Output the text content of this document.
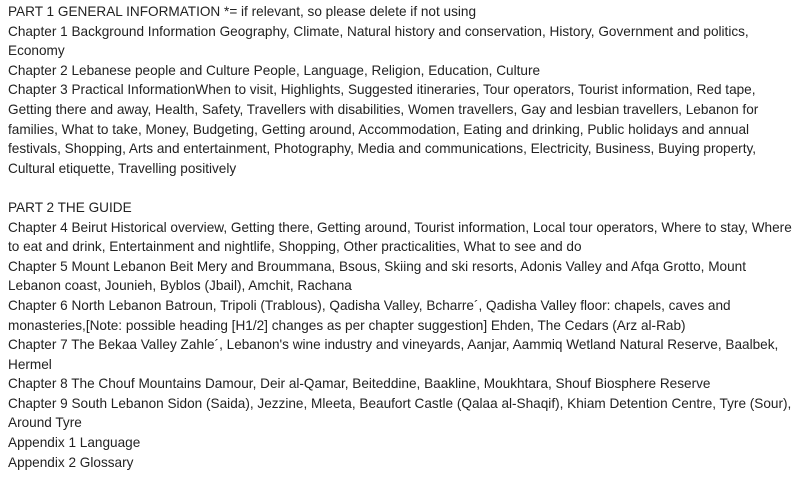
PART 1 GENERAL INFORMATION *= if relevant, so please delete if not using

Chapter 1 Background Information Geography, Climate, Natural history and conservation, History, Government and politics, Economy

Chapter 2 Lebanese people and Culture People, Language, Religion, Education, Culture

Chapter 3 Practical InformationWhen to visit, Highlights, Suggested itineraries, Tour operators, Tourist information, Red tape, Getting there and away, Health, Safety, Travellers with disabilities, Women travellers, Gay and lesbian travellers, Lebanon for families, What to take, Money, Budgeting, Getting around, Accommodation, Eating and drinking, Public holidays and annual festivals, Shopping, Arts and entertainment, Photography, Media and communications, Electricity, Business, Buying property, Cultural etiquette, Travelling positively

PART 2 THE GUIDE

Chapter 4 Beirut Historical overview, Getting there, Getting around, Tourist information, Local tour operators, Where to stay, Where to eat and drink, Entertainment and nightlife, Shopping, Other practicalities, What to see and do

Chapter 5 Mount Lebanon Beit Mery and Broummana, Bsous, Skiing and ski resorts, Adonis Valley and Afqa Grotto, Mount Lebanon coast, Jounieh, Byblos (Jbail), Amchit, Rachana

Chapter 6 North Lebanon Batroun, Tripoli (Trablous), Qadisha Valley, Bcharre´, Qadisha Valley floor: chapels, caves and monasteries,[Note: possible heading [H1/2] changes as per chapter suggestion] Ehden, The Cedars (Arz al-Rab)

Chapter 7 The Bekaa Valley Zahle´, Lebanon's wine industry and vineyards, Aanjar, Aammiq Wetland Natural Reserve, Baalbek, Hermel

Chapter 8 The Chouf Mountains Damour, Deir al-Qamar, Beiteddine, Baakline, Moukhtara, Shouf Biosphere Reserve

Chapter 9 South Lebanon Sidon (Saida), Jezzine, Mleeta, Beaufort Castle (Qalaa al-Shaqif), Khiam Detention Centre, Tyre (Sour), Around Tyre

Appendix 1 Language

Appendix 2 Glossary
